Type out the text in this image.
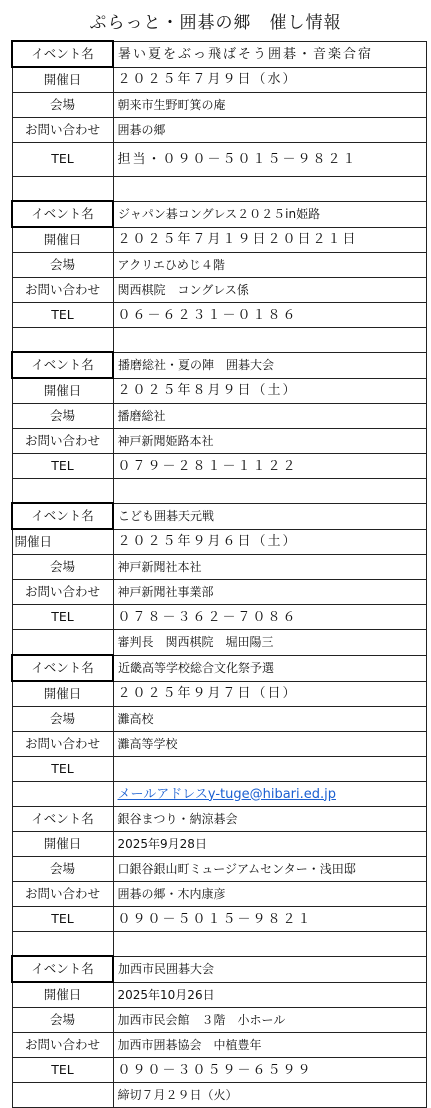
ぷらっと・囲碁の郷　催し情報
イベント名	暑い夏をぶっ飛ばそう囲碁・音楽合宿
開催日	２０２５年７月９日（水）
会場	朝来市生野町箕の庵
お問い合わせ	囲碁の郷
TEL	担当・０９０－５０１５－９８２１

イベント名	ジャパン碁コングレス２０２５in姫路
開催日	２０２５年７月１９日２０日２１日
会場	アクリエひめじ４階
お問い合わせ	関西棋院　コングレス係
TEL	０６－６２３１－０１８６

イベント名	播磨総社・夏の陣　囲碁大会
開催日	２０２５年８月９日（土）
会場	播磨総社
お問い合わせ	神戸新聞姫路本社
TEL	０７９－２８１－１１２２

イベント名	こども囲碁天元戦
開催日	２０２５年９月６日（土）
会場	神戸新聞社本社
お問い合わせ	神戸新聞社事業部
TEL	０７８－３６２－７０８６
	審判長　関西棋院　堀田陽三
イベント名	近畿高等学校総合文化祭予選
開催日	２０２５年９月７日（日）
会場	灘高校
お問い合わせ	灘高等学校
TEL	
	メールアドレスy-tuge@hibari.ed.jp
イベント名	銀谷まつり・納涼碁会
開催日	2025年9月28日
会場	口銀谷銀山町ミュージアムセンター・浅田邸
お問い合わせ	囲碁の郷・木内康彦
TEL	０９０－５０１５－９８２１

イベント名	加西市民囲碁大会
開催日	2025年10月26日
会場	加西市民会館　３階　小ホール
お問い合わせ	加西市囲碁協会　中植豊年
TEL	０９０－３０５９－６５９９
	締切７月２９日（火）
